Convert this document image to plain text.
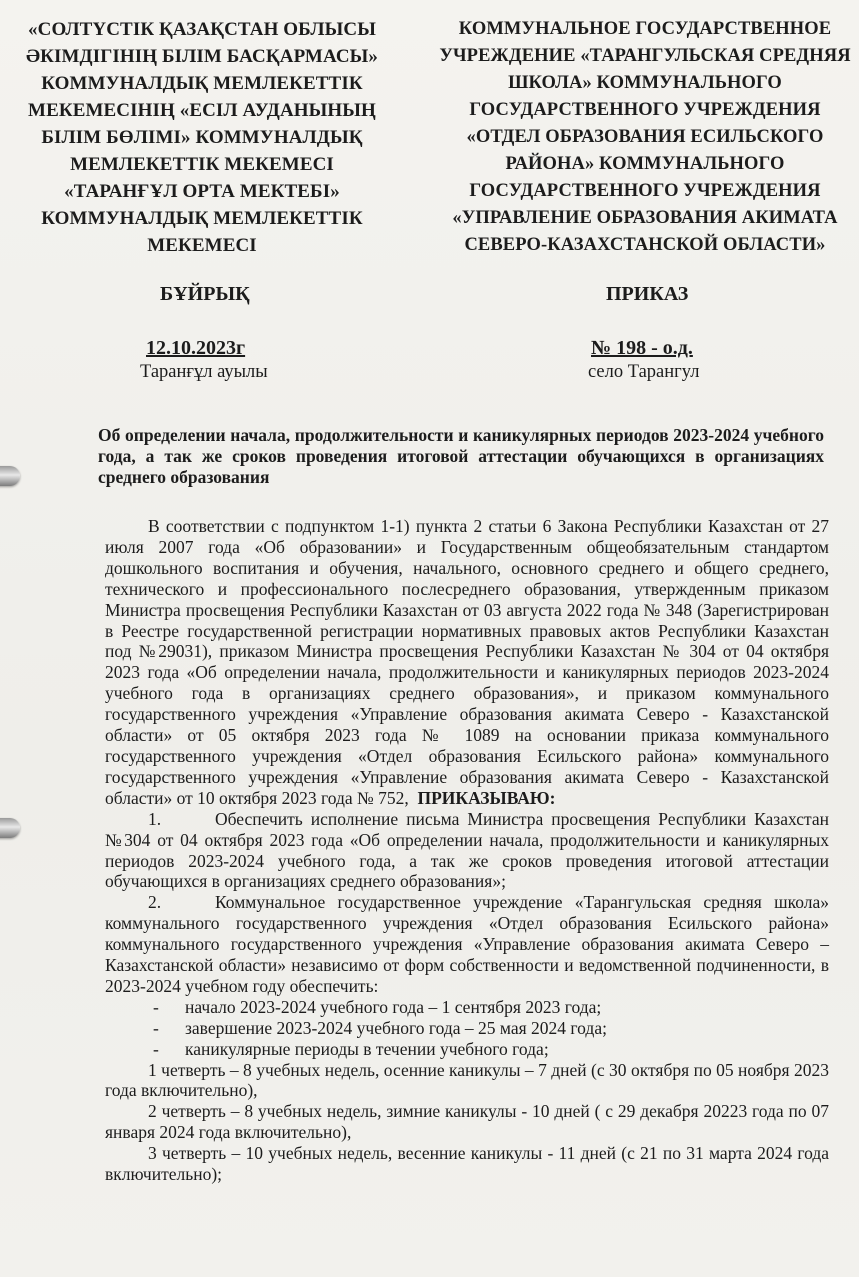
«СОЛТҮСТІК ҚАЗАҚСТАН ОБЛЫСЫ
ӘКІМДІГІНІҢ БІЛІМ БАСҚАРМАСЫ»
КОММУНАЛДЫҚ МЕМЛЕКЕТТІК
МЕКЕМЕСІНІҢ «ЕСІЛ АУДАНЫНЫҢ
БІЛІМ БӨЛІМІ» КОММУНАЛДЫҚ
МЕМЛЕКЕТТІК МЕКЕМЕСІ
«ТАРАНҒҰЛ ОРТА МЕКТЕБІ»
КОММУНАЛДЫҚ МЕМЛЕКЕТТІК
МЕКЕМЕСІ
КОММУНАЛЬНОЕ ГОСУДАРСТВЕННОЕ
УЧРЕЖДЕНИЕ «ТАРАНГУЛЬСКАЯ СРЕДНЯЯ
ШКОЛА» КОММУНАЛЬНОГО
ГОСУДАРСТВЕННОГО УЧРЕЖДЕНИЯ
«ОТДЕЛ ОБРАЗОВАНИЯ ЕСИЛЬСКОГО
РАЙОНА» КОММУНАЛЬНОГО
ГОСУДАРСТВЕННОГО УЧРЕЖДЕНИЯ
«УПРАВЛЕНИЕ ОБРАЗОВАНИЯ АКИМАТА
СЕВЕРО-КАЗАХСТАНСКОЙ ОБЛАСТИ»
БҰЙРЫҚ	ПРИКАЗ
12.10.2023г	№ 198 - о.д.
Таранғұл ауылы	село Тарангул
Об определении начала, продолжительности и каникулярных периодов 2023-2024 учебного года, а так же сроков проведения итоговой аттестации обучающихся в организациях среднего образования

В соответствии с подпунктом 1-1) пункта 2 статьи 6 Закона Республики Казахстан от 27 июля 2007 года «Об образовании» и Государственным общеобязательным стандартом дошкольного воспитания и обучения, начального, основного среднего и общего среднего, технического и профессионального послесреднего образования, утвержденным приказом Министра просвещения Республики Казахстан от 03 августа 2022 года № 348 (Зарегистрирован в Реестре государственной регистрации нормативных правовых актов Республики Казахстан под №29031), приказом Министра просвещения Республики Казахстан № 304 от 04 октября 2023 года «Об определении начала, продолжительности и каникулярных периодов 2023-2024 учебного года в организациях среднего образования», и приказом коммунального государственного учреждения «Управление образования акимата Северо - Казахстанской области» от 05 октября 2023 года № 1089 на основании приказа коммунального государственного учреждения «Отдел образования Есильского района» коммунального государственного учреждения «Управление образования акимата Северо - Казахстанской области» от 10 октября 2023 года № 752, ПРИКАЗЫВАЮ:

1.	Обеспечить исполнение письма Министра просвещения Республики Казахстан №304 от 04 октября 2023 года «Об определении начала, продолжительности и каникулярных периодов 2023-2024 учебного года, а так же сроков проведения итоговой аттестации обучающихся в организациях среднего образования»;

2.	Коммунальное государственное учреждение «Тарангульская средняя школа» коммунального государственного учреждения «Отдел образования Есильского района» коммунального государственного учреждения «Управление образования акимата Северо – Казахстанской области» независимо от форм собственности и ведомственной подчиненности, в 2023-2024 учебном году обеспечить:

- начало 2023-2024 учебного года – 1 сентября 2023 года;
- завершение 2023-2024 учебного года – 25 мая 2024 года;
- каникулярные периоды в течении учебного года;

1 четверть – 8 учебных недель, осенние каникулы – 7 дней (с 30 октября по 05 ноября 2023 года включительно),

2 четверть – 8 учебных недель, зимние каникулы - 10 дней ( с 29 декабря 20223 года по 07 января 2024 года включительно),

3 четверть – 10 учебных недель, весенние каникулы - 11 дней (с 21 по 31 марта 2024 года включительно);
